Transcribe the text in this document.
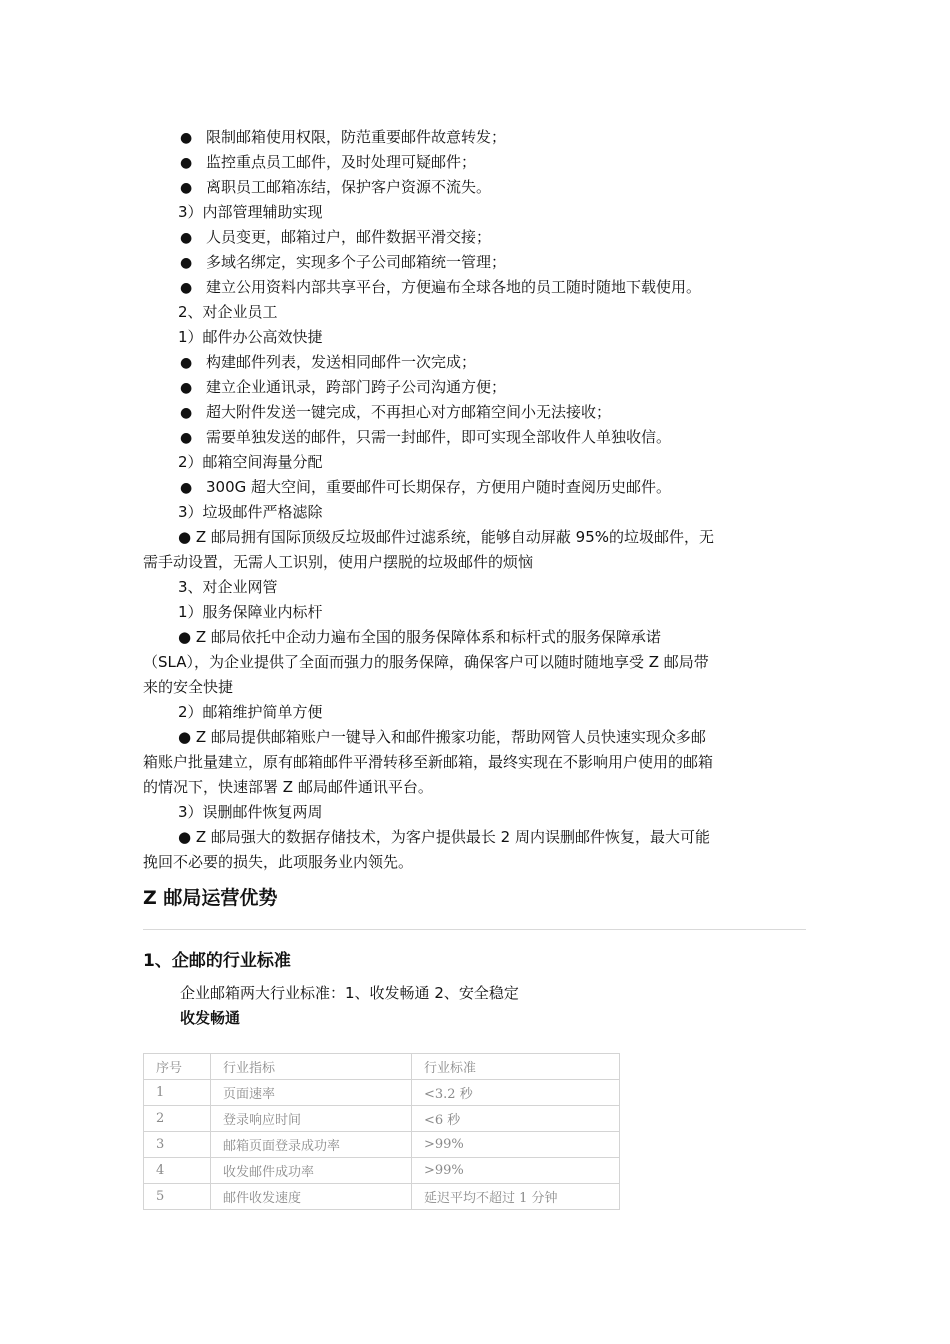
● 限制邮箱使用权限，防范重要邮件故意转发；
● 监控重点员工邮件，及时处理可疑邮件；
● 离职员工邮箱冻结，保护客户资源不流失。
3）内部管理辅助实现
● 人员变更，邮箱过户，邮件数据平滑交接；
● 多域名绑定，实现多个子公司邮箱统一管理；
● 建立公用资料内部共享平台，方便遍布全球各地的员工随时随地下载使用。
2、对企业员工
1）邮件办公高效快捷
● 构建邮件列表，发送相同邮件一次完成；
● 建立企业通讯录，跨部门跨子公司沟通方便；
● 超大附件发送一键完成，不再担心对方邮箱空间小无法接收；
● 需要单独发送的邮件，只需一封邮件，即可实现全部收件人单独收信。
2）邮箱空间海量分配
● 300G 超大空间，重要邮件可长期保存，方便用户随时查阅历史邮件。
3）垃圾邮件严格滤除
● Z 邮局拥有国际顶级反垃圾邮件过滤系统，能够自动屏蔽 95%的垃圾邮件，无
需手动设置，无需人工识别，使用户摆脱的垃圾邮件的烦恼
3、对企业网管
1）服务保障业内标杆
● Z 邮局依托中企动力遍布全国的服务保障体系和标杆式的服务保障承诺
（SLA），为企业提供了全面而强力的服务保障，确保客户可以随时随地享受 Z 邮局带
来的安全快捷
2）邮箱维护简单方便
● Z 邮局提供邮箱账户一键导入和邮件搬家功能，帮助网管人员快速实现众多邮
箱账户批量建立，原有邮箱邮件平滑转移至新邮箱，最终实现在不影响用户使用的邮箱
的情况下，快速部署 Z 邮局邮件通讯平台。
3）误删邮件恢复两周
● Z 邮局强大的数据存储技术，为客户提供最长 2 周内误删邮件恢复，最大可能
挽回不必要的损失，此项服务业内领先。
Z 邮局运营优势
1、企邮的行业标准
企业邮箱两大行业标准：1、收发畅通 2、安全稳定
收发畅通
序号	行业指标	行业标准
1	页面速率	<3.2 秒
2	登录响应时间	<6 秒
3	邮箱页面登录成功率	>99%
4	收发邮件成功率	>99%
5	邮件收发速度	延迟平均不超过 1 分钟
